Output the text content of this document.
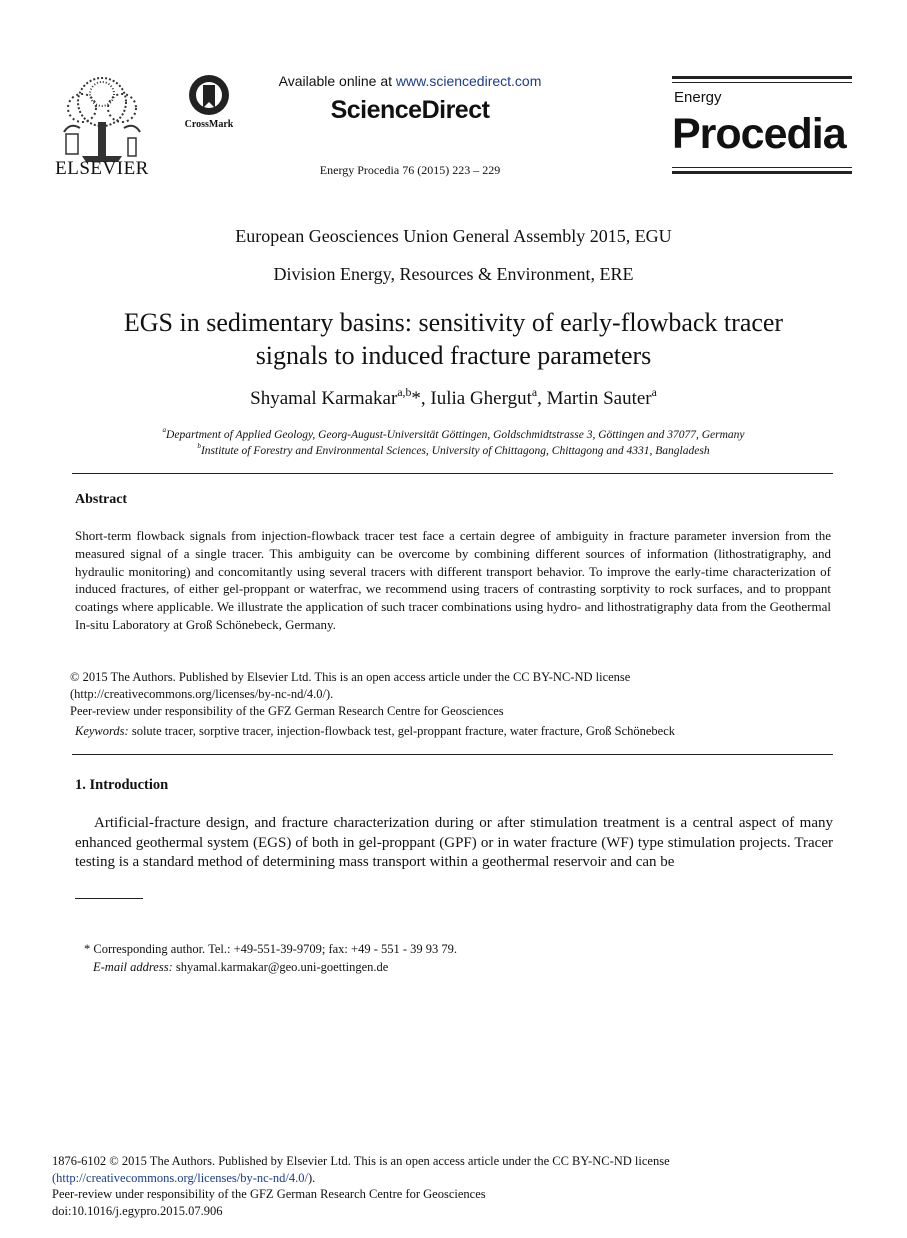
ELSEVIER
CrossMark
Available online at www.sciencedirect.com
ScienceDirect
Energy Procedia 76 (2015) 223 – 229
Energy
Procedia
European Geosciences Union General Assembly 2015, EGU
Division Energy, Resources & Environment, ERE
EGS in sedimentary basins: sensitivity of early-flowback tracer
signals to induced fracture parameters
Shyamal Karmakar$^{a,b}$*, Iulia Ghergut$^a$, Martin Sauter$^a$
$^a$Department of Applied Geology, Georg-August-Universität Göttingen, Goldschmidtstrasse 3, Göttingen and 37077, Germany
$^b$Institute of Forestry and Environmental Sciences, University of Chittagong, Chittagong and 4331, Bangladesh
Abstract
Short-term flowback signals from injection-flowback tracer test face a certain degree of ambiguity in fracture parameter inversion from the measured signal of a single tracer. This ambiguity can be overcome by combining different sources of information (lithostratigraphy, and hydraulic monitoring) and concomitantly using several tracers with different transport behavior. To improve the early-time characterization of induced fractures, of either gel-proppant or waterfrac, we recommend using tracers of contrasting sorptivity to rock surfaces, and to proppant coatings where applicable. We illustrate the application of such tracer combinations using hydro- and lithostratigraphy data from the Geothermal In-situ Laboratory at Groß Schönebeck, Germany.
© 2015 The Authors. Published by Elsevier Ltd. This is an open access article under the CC BY-NC-ND license
(http://creativecommons.org/licenses/by-nc-nd/4.0/).
Peer-review under responsibility of the GFZ German Research Centre for Geosciences
Keywords: solute tracer, sorptive tracer, injection-flowback test, gel-proppant fracture, water fracture, Groß Schönebeck
1. Introduction
Artificial-fracture design, and fracture characterization during or after stimulation treatment is a central aspect of many enhanced geothermal system (EGS) of both in gel-proppant (GPF) or in water fracture (WF) type stimulation projects. Tracer testing is a standard method of determining mass transport within a geothermal reservoir and can be
* Corresponding author. Tel.: +49-551-39-9709; fax: +49 - 551 - 39 93 79.
E-mail address: shyamal.karmakar@geo.uni-goettingen.de
1876-6102 © 2015 The Authors. Published by Elsevier Ltd. This is an open access article under the CC BY-NC-ND license
(http://creativecommons.org/licenses/by-nc-nd/4.0/).
Peer-review under responsibility of the GFZ German Research Centre for Geosciences
doi:10.1016/j.egypro.2015.07.906
